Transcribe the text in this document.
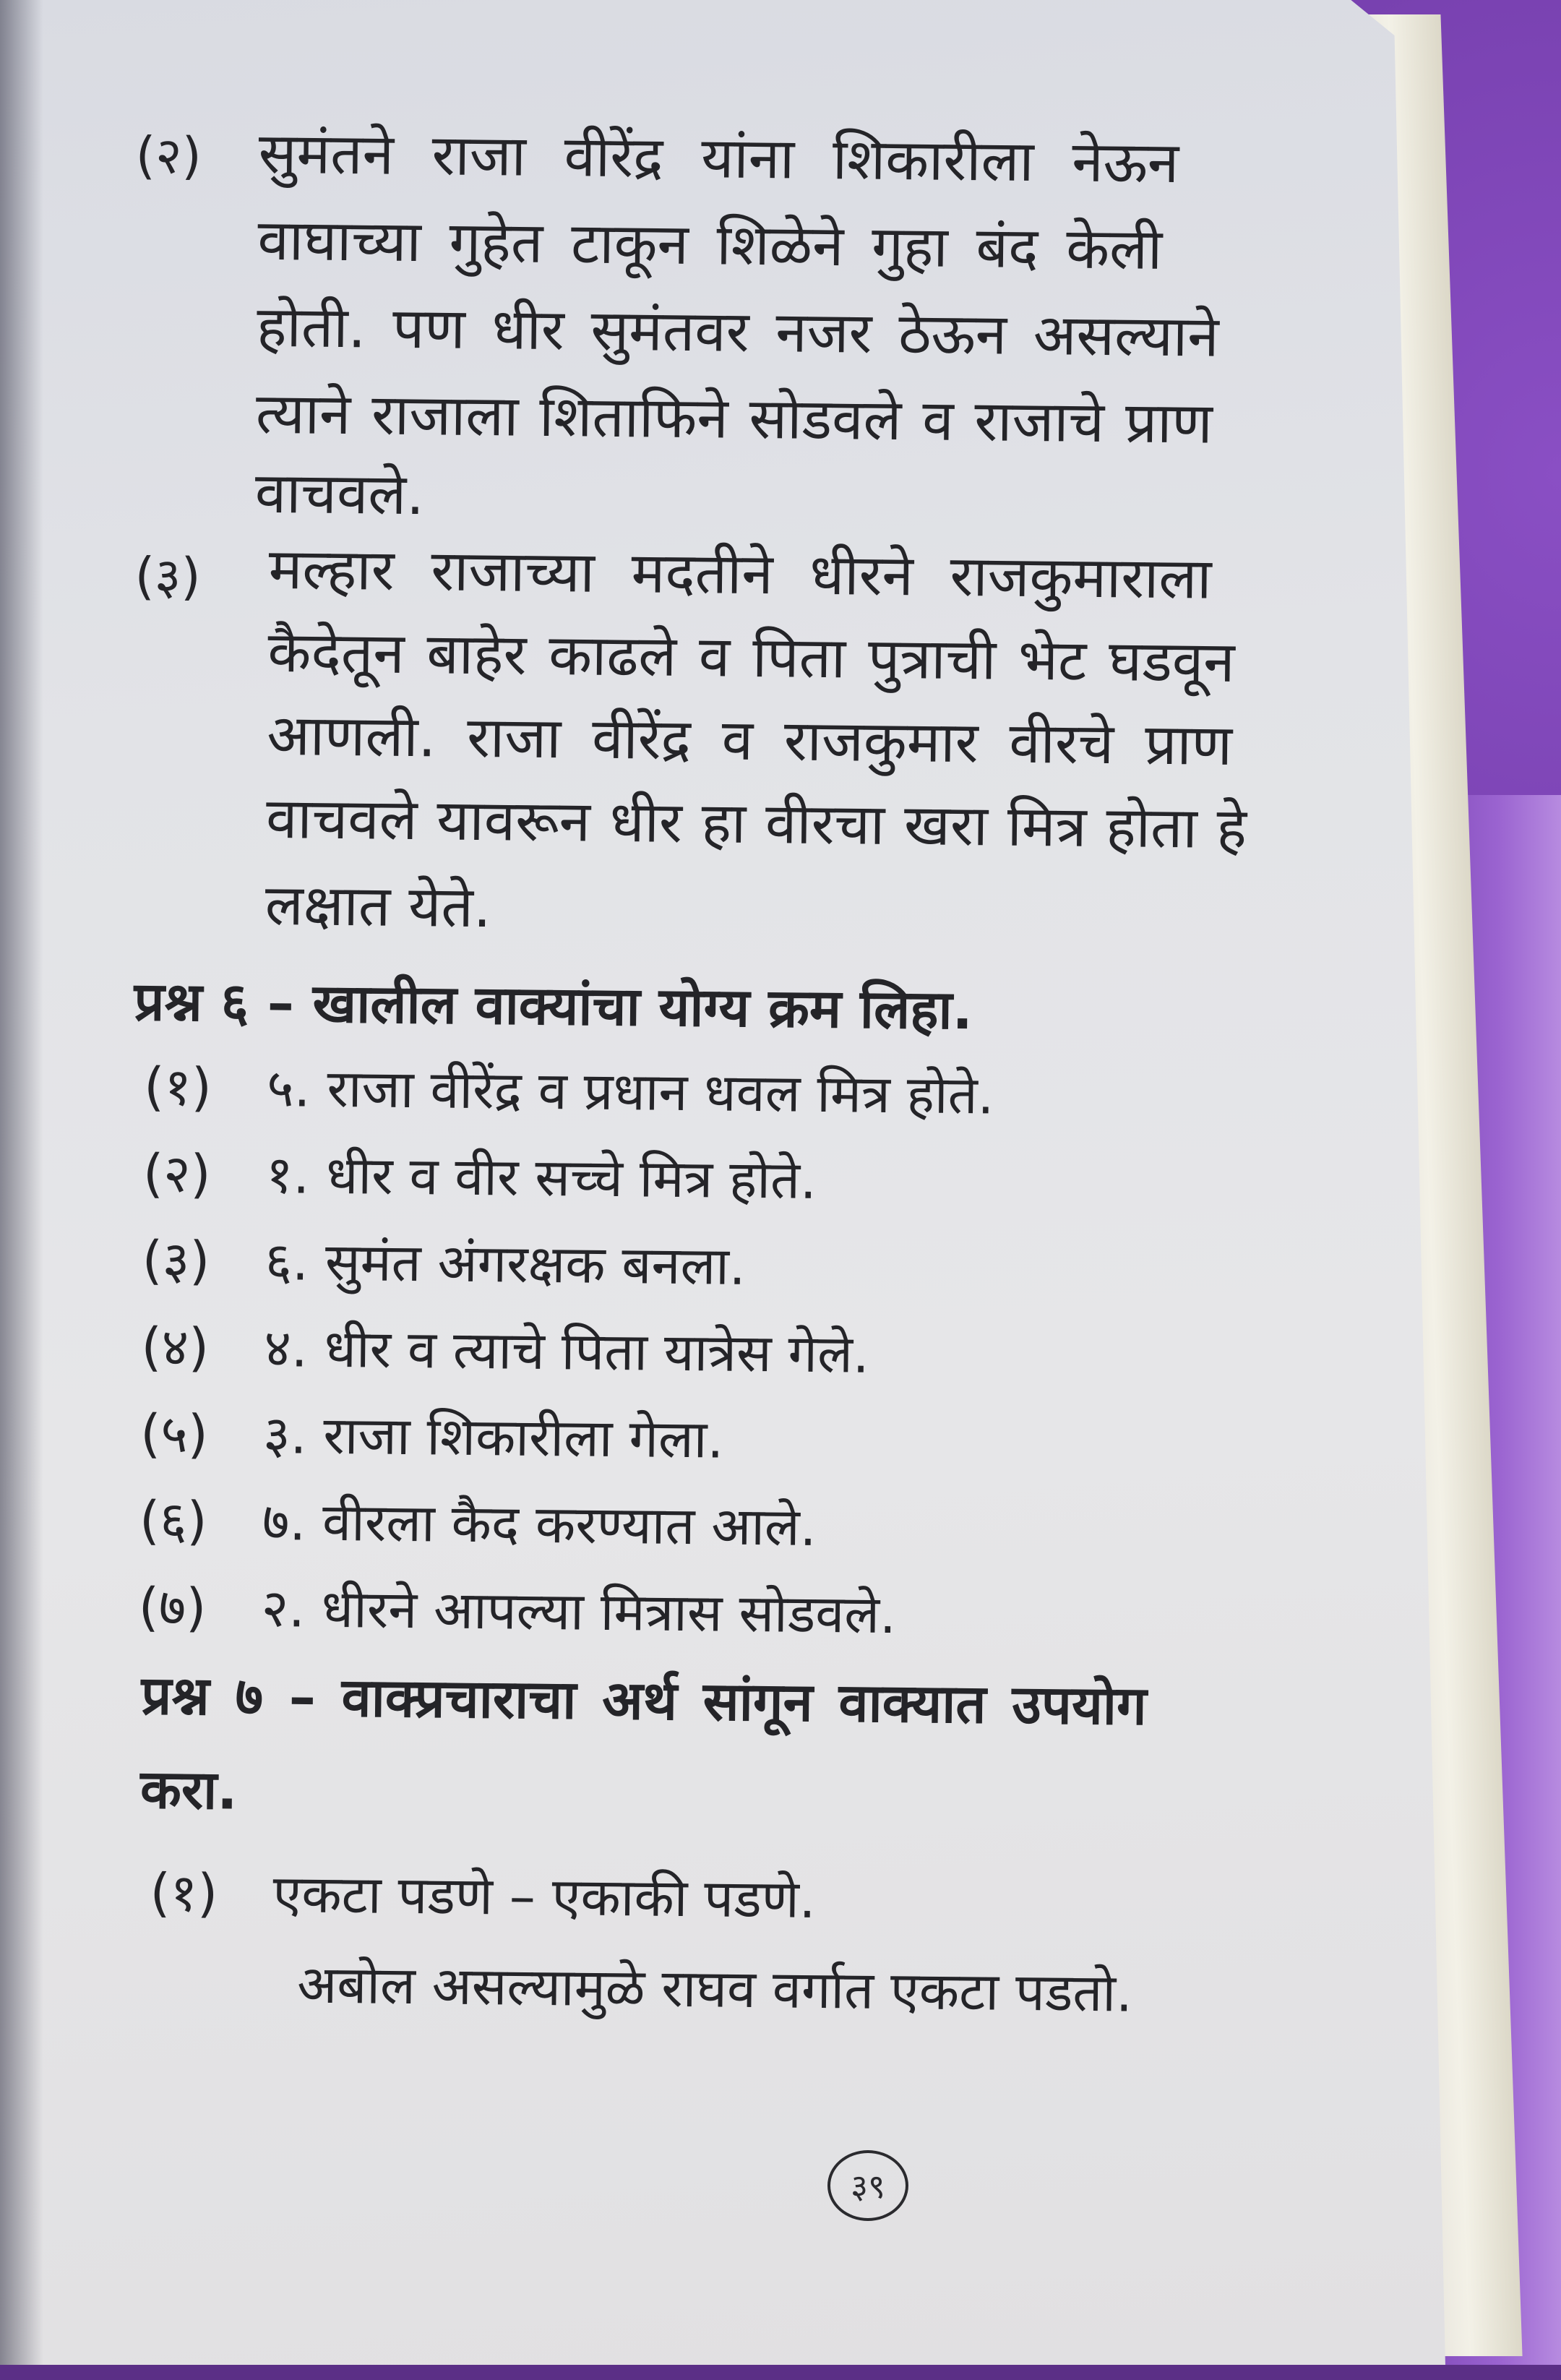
(२) सुमंतने राजा वीरेंद्र यांना शिकारीला नेऊन
वाघाच्या गुहेत टाकून शिळेने गुहा बंद केली
होती. पण धीर सुमंतवर नजर ठेऊन असल्याने
त्याने राजाला शिताफिने सोडवले व राजाचे प्राण
वाचवले.
(३) मल्हार राजाच्या मदतीने धीरने राजकुमाराला
कैदेतून बाहेर काढले व पिता पुत्राची भेट घडवून
आणली. राजा वीरेंद्र व राजकुमार वीरचे प्राण
वाचवले यावरून धीर हा वीरचा खरा मित्र होता हे
लक्षात येते.
प्रश्न ६ – खालील वाक्यांचा योग्य क्रम लिहा.
(१) ५. राजा वीरेंद्र व प्रधान धवल मित्र होते.
(२) १. धीर व वीर सच्चे मित्र होते.
(३) ६. सुमंत अंगरक्षक बनला.
(४) ४. धीर व त्याचे पिता यात्रेस गेले.
(५) ३. राजा शिकारीला गेला.
(६) ७. वीरला कैद करण्यात आले.
(७) २. धीरने आपल्या मित्रास सोडवले.
प्रश्न ७ – वाक्प्रचाराचा अर्थ सांगून वाक्यात उपयोग
करा.
(१) एकटा पडणे – एकाकी पडणे.
अबोल असल्यामुळे राघव वर्गात एकटा पडतो.
३९
